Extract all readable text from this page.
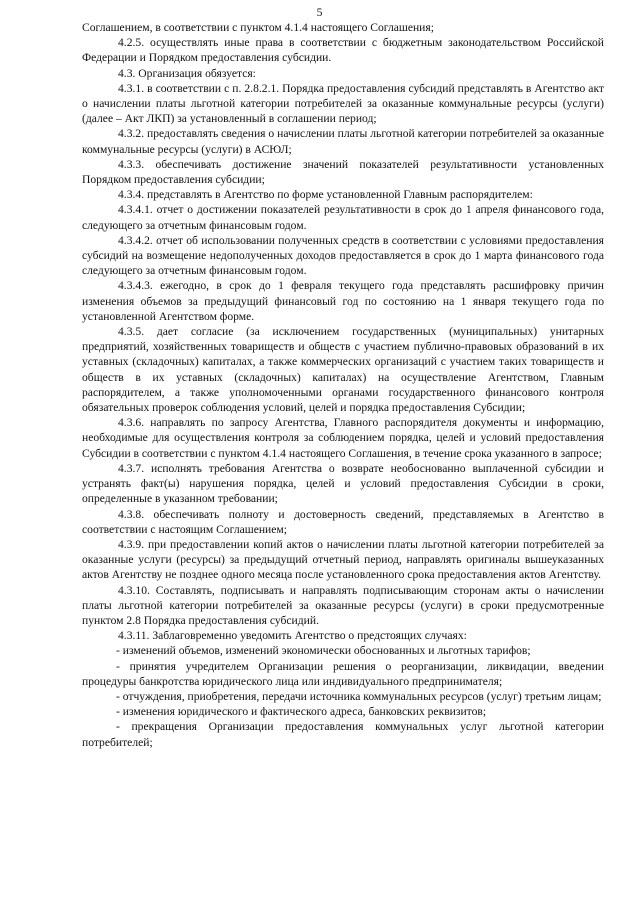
5

Соглашением, в соответствии с пунктом 4.1.4 настоящего Соглашения;

4.2.5. осуществлять иные права в соответствии с бюджетным законодательством Российской Федерации и Порядком предоставления субсидии.

4.3. Организация обязуется:

4.3.1. в соответствии с п. 2.8.2.1. Порядка предоставления субсидий представлять в Агентство акт о начислении платы льготной категории потребителей за оказанные коммунальные ресурсы (услуги) (далее – Акт ЛКП) за установленный в соглашении период;

4.3.2. предоставлять сведения о начислении платы льготной категории потребителей за оказанные коммунальные ресурсы (услуги) в АСЮЛ;

4.3.3. обеспечивать достижение значений показателей результативности установленных Порядком предоставления субсидии;

4.3.4. представлять в Агентство по форме установленной Главным распорядителем:

4.3.4.1. отчет о достижении показателей результативности в срок до 1 апреля финансового года, следующего за отчетным финансовым годом.

4.3.4.2. отчет об использовании полученных средств в соответствии с условиями предоставления субсидий на возмещение недополученных доходов предоставляется в срок до 1 марта финансового года следующего за отчетным финансовым годом.

4.3.4.3. ежегодно, в срок до 1 февраля текущего года представлять расшифровку причин изменения объемов за предыдущий финансовый год по состоянию на 1 января текущего года по установленной Агентством форме.

4.3.5. дает согласие (за исключением государственных (муниципальных) унитарных предприятий, хозяйственных товариществ и обществ с участием публично-правовых образований в их уставных (складочных) капиталах, а также коммерческих организаций с участием таких товариществ и обществ в их уставных (складочных) капиталах) на осуществление Агентством, Главным распорядителем, а также уполномоченными органами государственного финансового контроля обязательных проверок соблюдения условий, целей и порядка предоставления Субсидии;

4.3.6. направлять по запросу Агентства, Главного распорядителя документы и информацию, необходимые для осуществления контроля за соблюдением порядка, целей и условий предоставления Субсидии в соответствии с пунктом 4.1.4 настоящего Соглашения, в течение срока указанного в запросе;

4.3.7. исполнять требования Агентства о возврате необоснованно выплаченной субсидии и устранять факт(ы) нарушения порядка, целей и условий предоставления Субсидии в сроки, определенные в указанном требовании;

4.3.8. обеспечивать полноту и достоверность сведений, представляемых в Агентство в соответствии с настоящим Соглашением;

4.3.9. при предоставлении копий актов о начислении платы льготной категории потребителей за оказанные услуги (ресурсы) за предыдущий отчетный период, направлять оригиналы вышеуказанных актов Агентству не позднее одного месяца после установленного срока предоставления актов Агентству.

4.3.10. Составлять, подписывать и направлять подписывающим сторонам акты о начислении платы льготной категории потребителей за оказанные ресурсы (услуги) в сроки предусмотренные пунктом 2.8 Порядка предоставления субсидий.

4.3.11. Заблаговременно уведомить Агентство о предстоящих случаях:

- изменений объемов, изменений экономически обоснованных и льготных тарифов;

- принятия учредителем Организации решения о реорганизации, ликвидации, введении процедуры банкротства юридического лица или индивидуального предпринимателя;

- отчуждения, приобретения, передачи источника коммунальных ресурсов (услуг) третьим лицам;

- изменения юридического и фактического адреса, банковских реквизитов;

- прекращения Организации предоставления коммунальных услуг льготной категории потребителей;
